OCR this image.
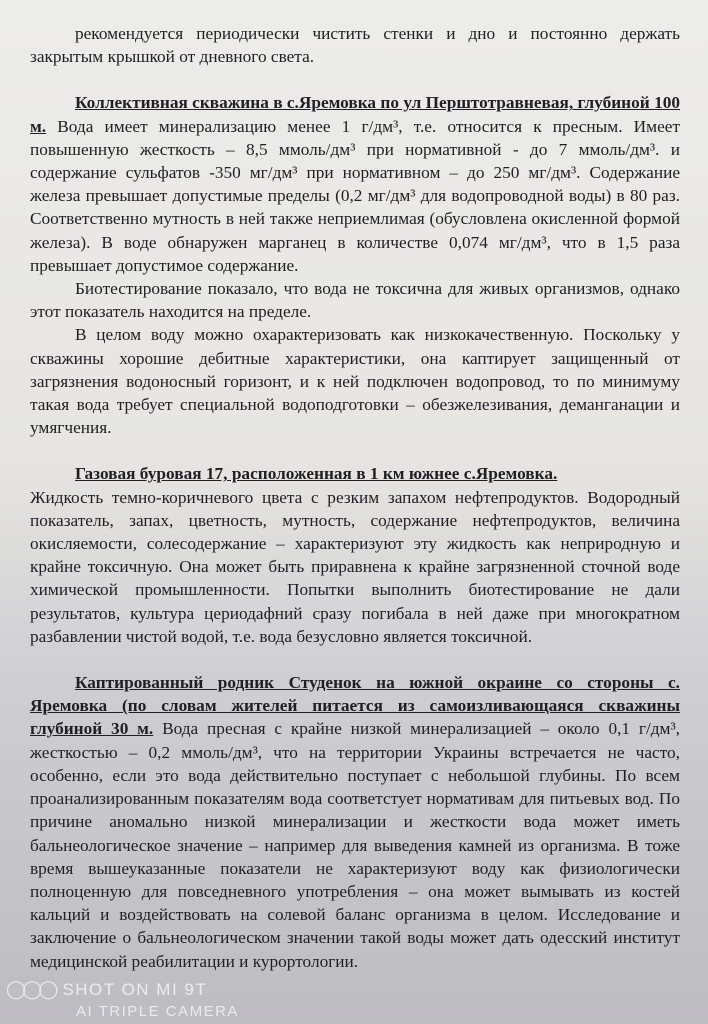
рекомендуется периодически чистить стенки и дно и постоянно держать закрытым крышкой от дневного света.

Коллективная скважина в с.Яремовка по ул Перштотравневая, глубиной 100 м. Вода имеет минерализацию менее 1 г/дм³, т.е. относится к пресным. Имеет повышенную жесткость – 8,5 ммоль/дм³ при нормативной - до 7 ммоль/дм³. и содержание сульфатов -350 мг/дм³ при нормативном – до 250 мг/дм³. Содержание железа превышает допустимые пределы (0,2 мг/дм³ для водопроводной воды) в 80 раз. Соответственно мутность в ней также неприемлимая (обусловлена окисленной формой железа). В воде обнаружен марганец в количестве 0,074 мг/дм³, что в 1,5 раза превышает допустимое содержание.

Биотестирование показало, что вода не токсична для живых организмов, однако этот показатель находится на пределе.

В целом воду можно охарактеризовать как низкокачественную. Поскольку у скважины хорошие дебитные характеристики, она каптирует защищенный от загрязнения водоносный горизонт, и к ней подключен водопровод, то по минимуму такая вода требует специальной водоподготовки – обезжелезивания, деманганации и умягчения.

Газовая буровая 17, расположенная в 1 км южнее с.Яремовка.

Жидкость темно-коричневого цвета с резким запахом нефтепродуктов. Водородный показатель, запах, цветность, мутность, содержание нефтепродуктов, величина окисляемости, солесодержание – характеризуют эту жидкость как неприродную и крайне токсичную. Она может быть приравнена к крайне загрязненной сточной воде химической промышленности. Попытки выполнить биотестирование не дали результатов, культура цериодафний сразу погибала в ней даже при многократном разбавлении чистой водой, т.е. вода безусловно является токсичной.

Каптированный родник Студенок на южной окраине со стороны с. Яремовка (по словам жителей питается из самоизливающаяся скважины глубиной 30 м. Вода пресная с крайне низкой минерализацией – около 0,1 г/дм³, жесткостью – 0,2 ммоль/дм³, что на территории Украины встречается не часто, особенно, если это вода действительно поступает с небольшой глубины. По всем проанализированным показателям вода соответстует нормативам для питьевых вод. По причине аномально низкой минерализации и жесткости вода может иметь бальнеологическое значение – например для выведения камней из организма. В тоже время вышеуказанные показатели не характеризуют воду как физиологически полноценную для повседневного употребления – она может вымывать из костей кальций и воздействовать на солевой баланс организма в целом. Исследование и заключение о бальнеологическом значении такой воды может дать одесский институт медицинской реабилитации и курортологии.

◯◯◯ SHOT ON MI 9T
AI TRIPLE CAMERA
